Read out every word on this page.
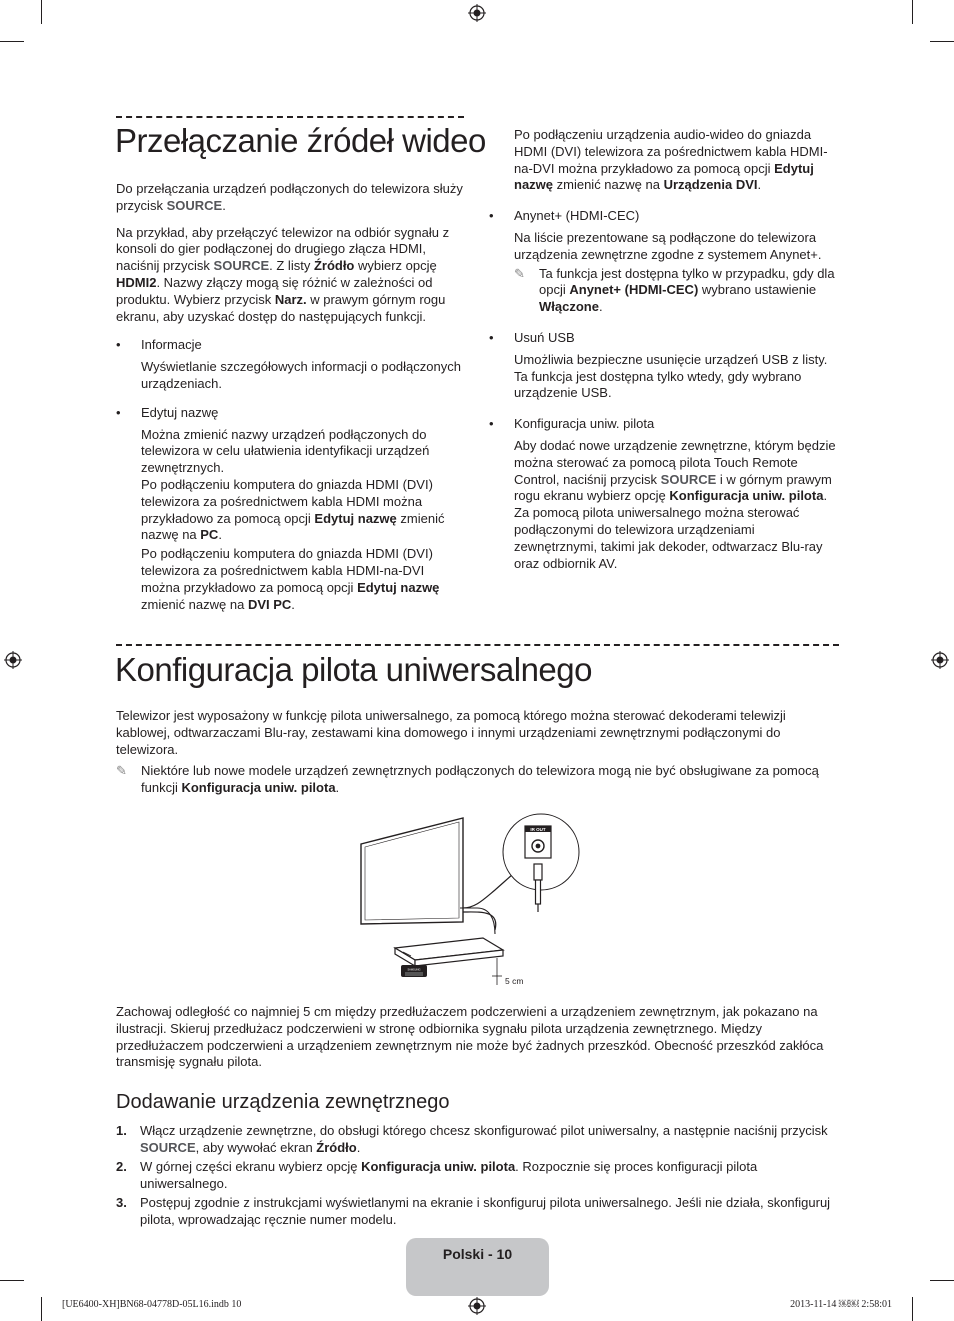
Przełączanie źródeł wideo

Do przełączania urządzeń podłączonych do telewizora służy przycisk SOURCE.

Na przykład, aby przełączyć telewizor na odbiór sygnału z konsoli do gier podłączonej do drugiego złącza HDMI, naciśnij przycisk SOURCE. Z listy Źródło wybierz opcję HDMI2. Nazwy złączy mogą się różnić w zależności od produktu. Wybierz przycisk Narz. w prawym górnym rogu ekranu, aby uzyskać dostęp do następujących funkcji.

• Informacje

Wyświetlanie szczegółowych informacji o podłączonych urządzeniach.

• Edytuj nazwę

Można zmienić nazwy urządzeń podłączonych do telewizora w celu ułatwienia identyfikacji urządzeń zewnętrznych.

Po podłączeniu komputera do gniazda HDMI (DVI) telewizora za pośrednictwem kabla HDMI można przykładowo za pomocą opcji Edytuj nazwę zmienić nazwę na PC.

Po podłączeniu komputera do gniazda HDMI (DVI) telewizora za pośrednictwem kabla HDMI-na-DVI można przykładowo za pomocą opcji Edytuj nazwę zmienić nazwę na DVI PC.

Po podłączeniu urządzenia audio-wideo do gniazda HDMI (DVI) telewizora za pośrednictwem kabla HDMI-na-DVI można przykładowo za pomocą opcji Edytuj nazwę zmienić nazwę na Urządzenia DVI.

• Anynet+ (HDMI-CEC)

Na liście prezentowane są podłączone do telewizora urządzenia zewnętrzne zgodne z systemem Anynet+.

✎ Ta funkcja jest dostępna tylko w przypadku, gdy dla opcji Anynet+ (HDMI-CEC) wybrano ustawienie Włączone.
• Usuń USB

Umożliwia bezpieczne usunięcie urządzeń USB z listy. Ta funkcja jest dostępna tylko wtedy, gdy wybrano urządzenie USB.

• Konfiguracja uniw. pilota

Aby dodać nowe urządzenie zewnętrzne, którym będzie można sterować za pomocą pilota Touch Remote Control, naciśnij przycisk SOURCE i w górnym prawym rogu ekranu wybierz opcję Konfiguracja uniw. pilota. Za pomocą pilota uniwersalnego można sterować podłączonymi do telewizora urządzeniami zewnętrznymi, takimi jak dekoder, odtwarzacz Blu-ray oraz odbiornik AV.

Konfiguracja pilota uniwersalnego

Telewizor jest wyposażony w funkcję pilota uniwersalnego, za pomocą którego można sterować dekoderami telewizji kablowej, odtwarzaczami Blu-ray, zestawami kina domowego i innymi urządzeniami zewnętrznymi podłączonymi do telewizora.

✎ Niektóre lub nowe modele urządzeń zewnętrznych podłączonych do telewizora mogą nie być obsługiwane za pomocą funkcji Konfiguracja uniw. pilota.
IR OUT
SAMSUNG
5 cm

Zachowaj odległość co najmniej 5 cm między przedłużaczem podczerwieni a urządzeniem zewnętrznym, jak pokazano na ilustracji. Skieruj przedłużacz podczerwieni w stronę odbiornika sygnału pilota urządzenia zewnętrznego. Między przedłużaczem podczerwieni a urządzeniem zewnętrznym nie może być żadnych przeszkód. Obecność przeszkód zakłóca transmisję sygnału pilota.

Dodawanie urządzenia zewnętrznego
1. Włącz urządzenie zewnętrzne, do obsługi którego chcesz skonfigurować pilot uniwersalny, a następnie naciśnij przycisk SOURCE, aby wywołać ekran Źródło.
2. W górnej części ekranu wybierz opcję Konfiguracja uniw. pilota. Rozpocznie się proces konfiguracji pilota uniwersalnego.
3. Postępuj zgodnie z instrukcjami wyświetlanymi na ekranie i skonfiguruj pilota uniwersalnego. Jeśli nie działa, skonfiguruj pilota, wprowadzając ręcznie numer modelu.
Polski - 10
[UE6400-XH]BN68-04778D-05L16.indb 10	2013-11-14 ￼￼ 2:58:01
